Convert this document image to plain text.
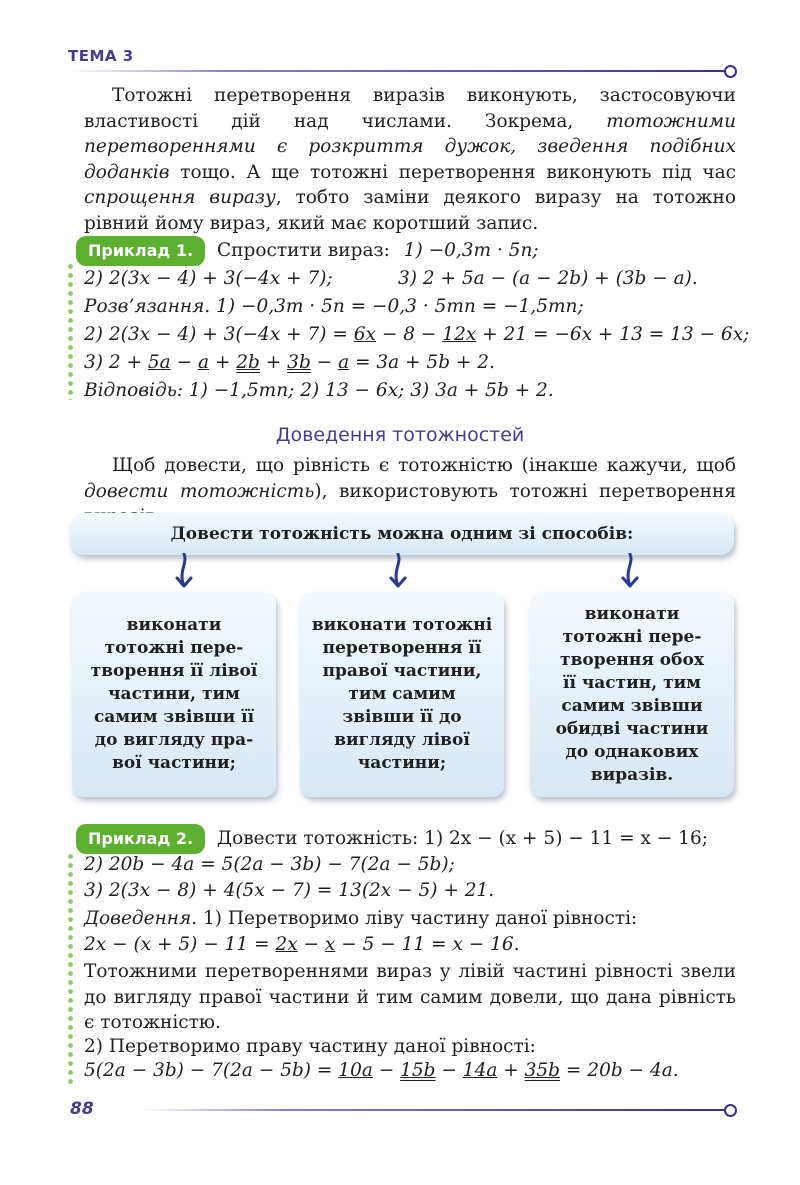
ТЕМА 3
Тотожні перетворення виразів виконують, застосовуючи властивості дій над числами. Зокрема, тотожними перетвореннями є розкриття дужок, зведення подібних доданків тощо. А ще тотожні перетворення виконують під час спрощення виразу, тобто заміни деякого виразу на тотожно рівний йому вираз, який має коротший запис.
Приклад 1. Спростити вираз: 1) −0,3m · 5n;
2) 2(3x − 4) + 3(−4x + 7);	3) 2 + 5a − (a − 2b) + (3b − a).
Розв’язання. 1) −0,3m · 5n = −0,3 · 5mn = −1,5mn;
2) 2(3x − 4) + 3(−4x + 7) = 6x − 8 − 12x + 21 = −6x + 13 = 13 − 6x;
3) 2 + 5a − a + 2b + 3b − a = 3a + 5b + 2.
Відповідь: 1) −1,5mn; 2) 13 − 6x; 3) 3a + 5b + 2.
Доведення тотожностей
Щоб довести, що рівність є тотожністю (інакше кажучи, щоб довести тотожність), використовують тотожні перетворення
Довести тотожність можна одним зі способів:
виконати
тотожні пере-
творення її лівої
частини, тим
самим звівши її
до вигляду пра-
вої частини;
виконати тотожні
перетворення її
правої частини,
тим самим
звівши її до
вигляду лівої
частини;
виконати
тотожні пере-
творення обох
її частин, тим
самим звівши
обидві частини
до однакових
виразів.
Приклад 2. Довести тотожність: 1) 2x − (x + 5) − 11 = x − 16;
2) 20b − 4a = 5(2a − 3b) − 7(2a − 5b);
3) 2(3x − 8) + 4(5x − 7) = 13(2x − 5) + 21.
Доведення. 1) Перетворимо ліву частину даної рівності:
2x − (x + 5) − 11 = 2x − x − 5 − 11 = x − 16.
Тотожними перетвореннями вираз у лівій частині рівності звели до вигляду правої частини й тим самим довели, що дана рівність є тотожністю.
2) Перетворимо праву частину даної рівності:
5(2a − 3b) − 7(2a − 5b) = 10a − 15b − 14a + 35b = 20b − 4a.
88
